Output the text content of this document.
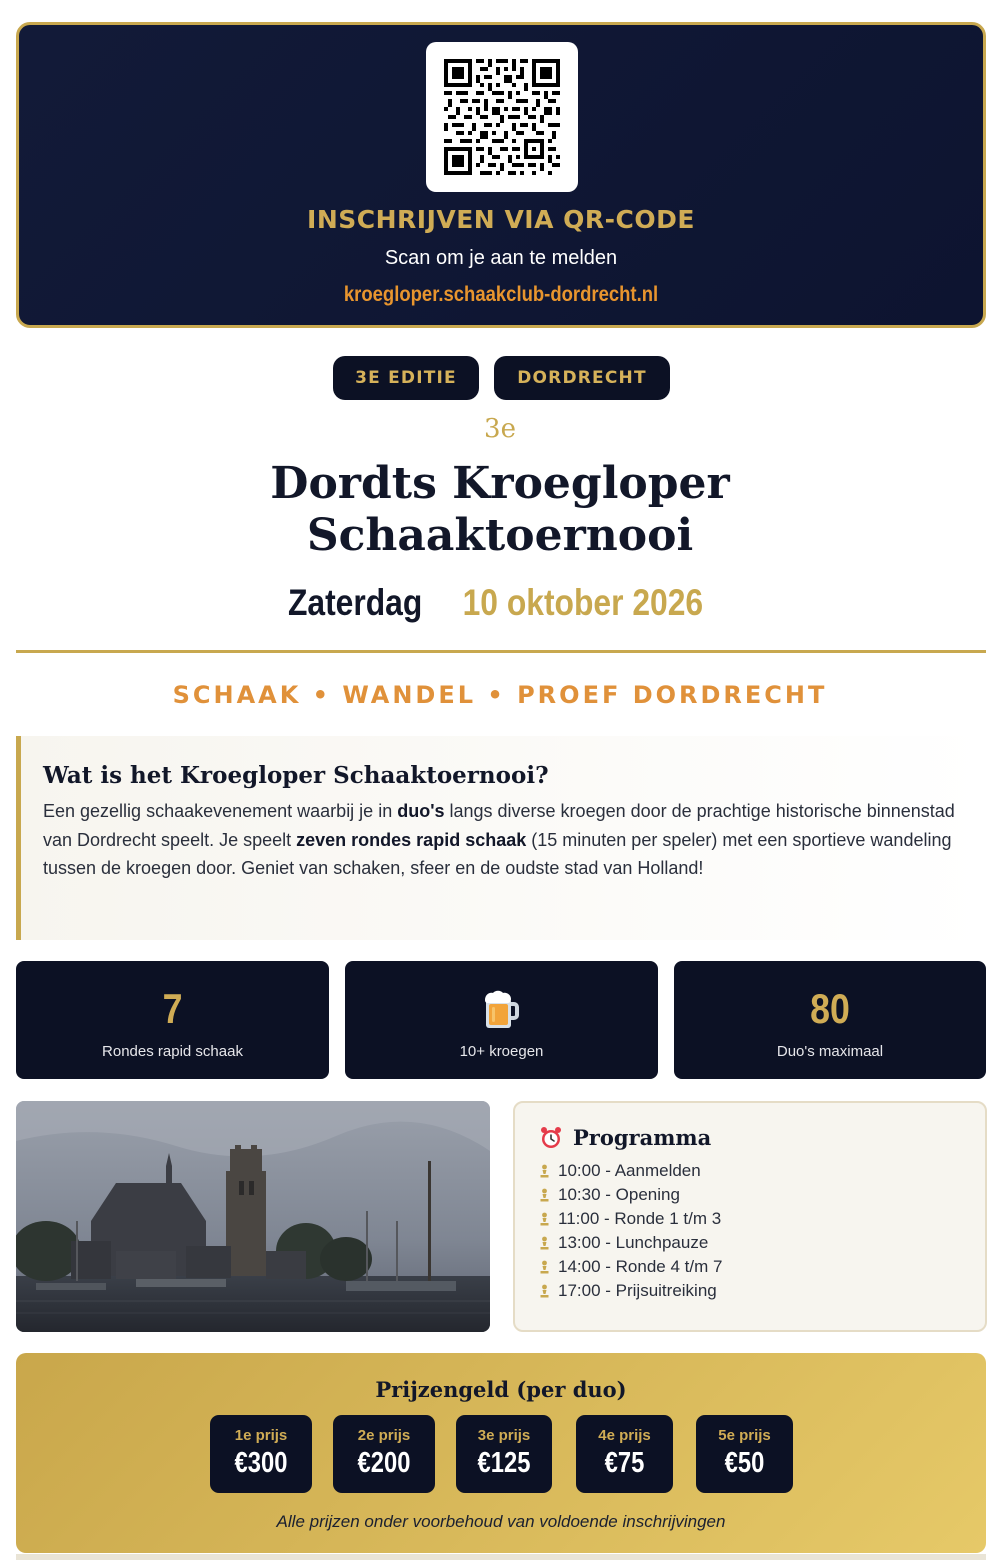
INSCHRIJVEN VIA QR-CODE
Scan om je aan te melden
kroegloper.schaakclub-dordrecht.nl
3E EDITIE	DORDRECHT
3e
Dordts Kroegloper
Schaaktoernooi
Zaterdag 10 oktober 2026
SCHAAK • WANDEL • PROEF DORDRECHT
Wat is het Kroegloper Schaaktoernooi?

Een gezellig schaakevenement waarbij je in duo's langs diverse kroegen door de prachtige historische binnenstad van Dordrecht speelt. Je speelt zeven rondes rapid schaak (15 minuten per speler) met een sportieve wandeling tussen de kroegen door. Geniet van schaken, sfeer en de oudste stad van Holland!

7
Rondes rapid schaak	10+ kroegen
80
Duo's maximaal
Programma
10:00 - Aanmelden
10:30 - Opening
11:00 - Ronde 1 t/m 3
13:00 - Lunchpauze
14:00 - Ronde 4 t/m 7
17:00 - Prijsuitreiking
Prijzengeld (per duo)
1e prijs
€300
2e prijs
€200
3e prijs
€125
4e prijs
€75
5e prijs
€50
Alle prijzen onder voorbehoud van voldoende inschrijvingen
